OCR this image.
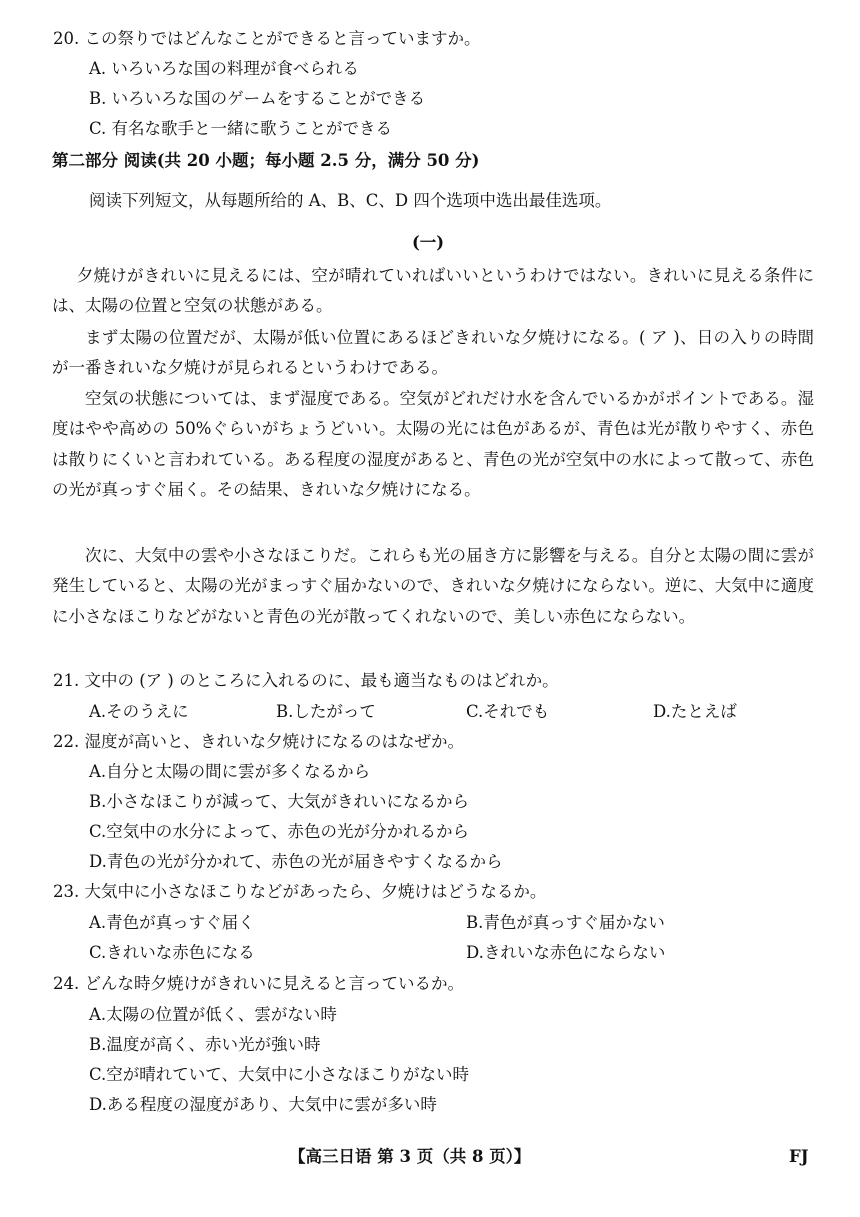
20. この祭りではどんなことができると言っていますか。
A. いろいろな国の料理が食べられる
B. いろいろな国のゲームをすることができる
C. 有名な歌手と一緒に歌うことができる
第二部分 阅读(共 20 小题；每小题 2.5 分，满分 50 分)
阅读下列短文，从每题所给的 A、B、C、D 四个选项中选出最佳选项。
(一)
夕焼けがきれいに見えるには、空が晴れていればいいというわけではない。きれいに見える条件には、太陽の位置と空気の状態がある。
まず太陽の位置だが、太陽が低い位置にあるほどきれいな夕焼けになる。( ア )、日の入りの時間が一番きれいな夕焼けが見られるというわけである。
空気の状態については、まず湿度である。空気がどれだけ水を含んでいるかがポイントである。湿度はやや高めの 50%ぐらいがちょうどいい。太陽の光には色があるが、青色は光が散りやすく、赤色は散りにくいと言われている。ある程度の湿度があると、青色の光が空気中の水によって散って、赤色の光が真っすぐ届く。その結果、きれいな夕焼けになる。
次に、大気中の雲や小さなほこりだ。これらも光の届き方に影響を与える。自分と太陽の間に雲が発生していると、太陽の光がまっすぐ届かないので、きれいな夕焼けにならない。逆に、大気中に適度に小さなほこりなどがないと青色の光が散ってくれないので、美しい赤色にならない。
21. 文中の (ア ) のところに入れるのに、最も適当なものはどれか。
A.そのうえに	B.したがって	C.それでも	D.たとえば
22. 湿度が高いと、きれいな夕焼けになるのはなぜか。
A.自分と太陽の間に雲が多くなるから
B.小さなほこりが減って、大気がきれいになるから
C.空気中の水分によって、赤色の光が分かれるから
D.青色の光が分かれて、赤色の光が届きやすくなるから
23. 大気中に小さなほこりなどがあったら、夕焼けはどうなるか。
A.青色が真っすぐ届く	B.青色が真っすぐ届かない
C.きれいな赤色になる	D.きれいな赤色にならない
24. どんな時夕焼けがきれいに見えると言っているか。
A.太陽の位置が低く、雲がない時
B.温度が高く、赤い光が強い時
C.空が晴れていて、大気中に小さなほこりがない時
D.ある程度の湿度があり、大気中に雲が多い時
【高三日语 第 3 页（共 8 页）】	FJ
